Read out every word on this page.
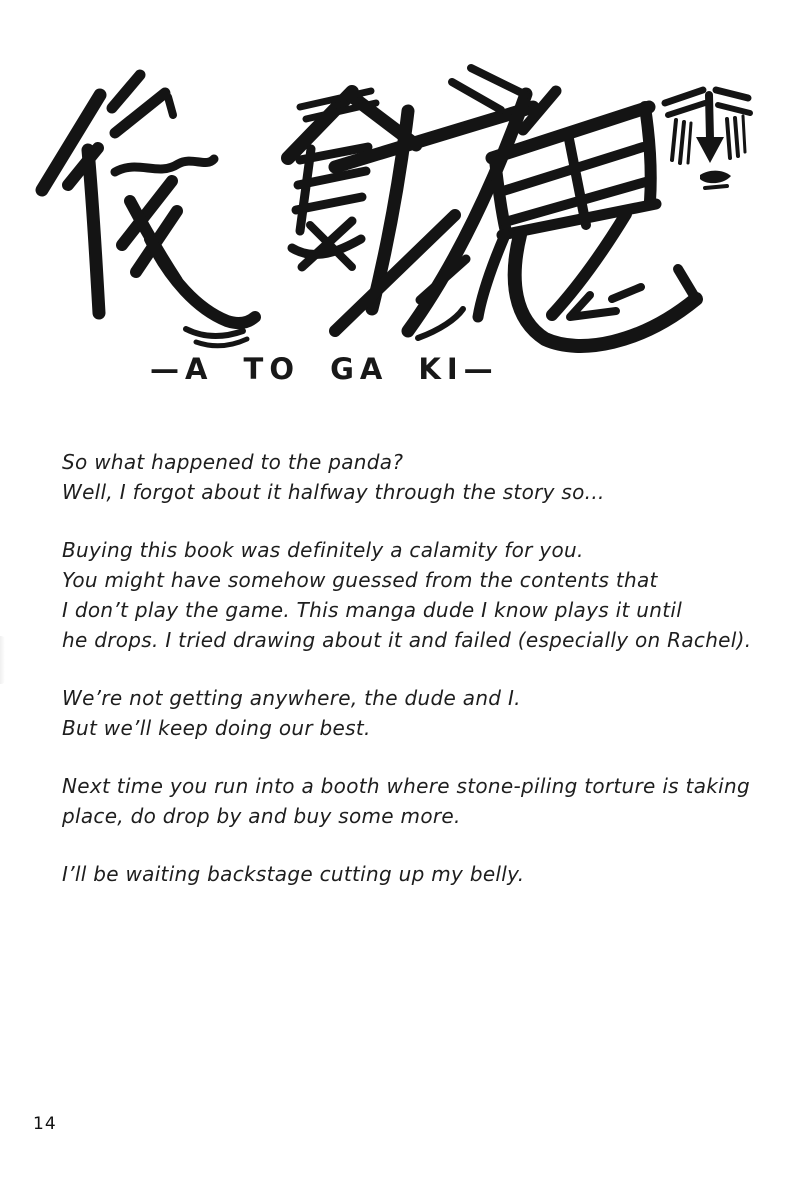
—A TO GA KI—

So what happened to the panda?
Well, I forgot about it halfway through the story so...

Buying this book was definitely a calamity for you.
You might have somehow guessed from the contents that
I don’t play the game. This manga dude I know plays it until
he drops. I tried drawing about it and failed (especially on Rachel).

We’re not getting anywhere, the dude and I.
But we’ll keep doing our best.

Next time you run into a booth where stone-piling torture is taking
place, do drop by and buy some more.

I’ll be waiting backstage cutting up my belly.

14
